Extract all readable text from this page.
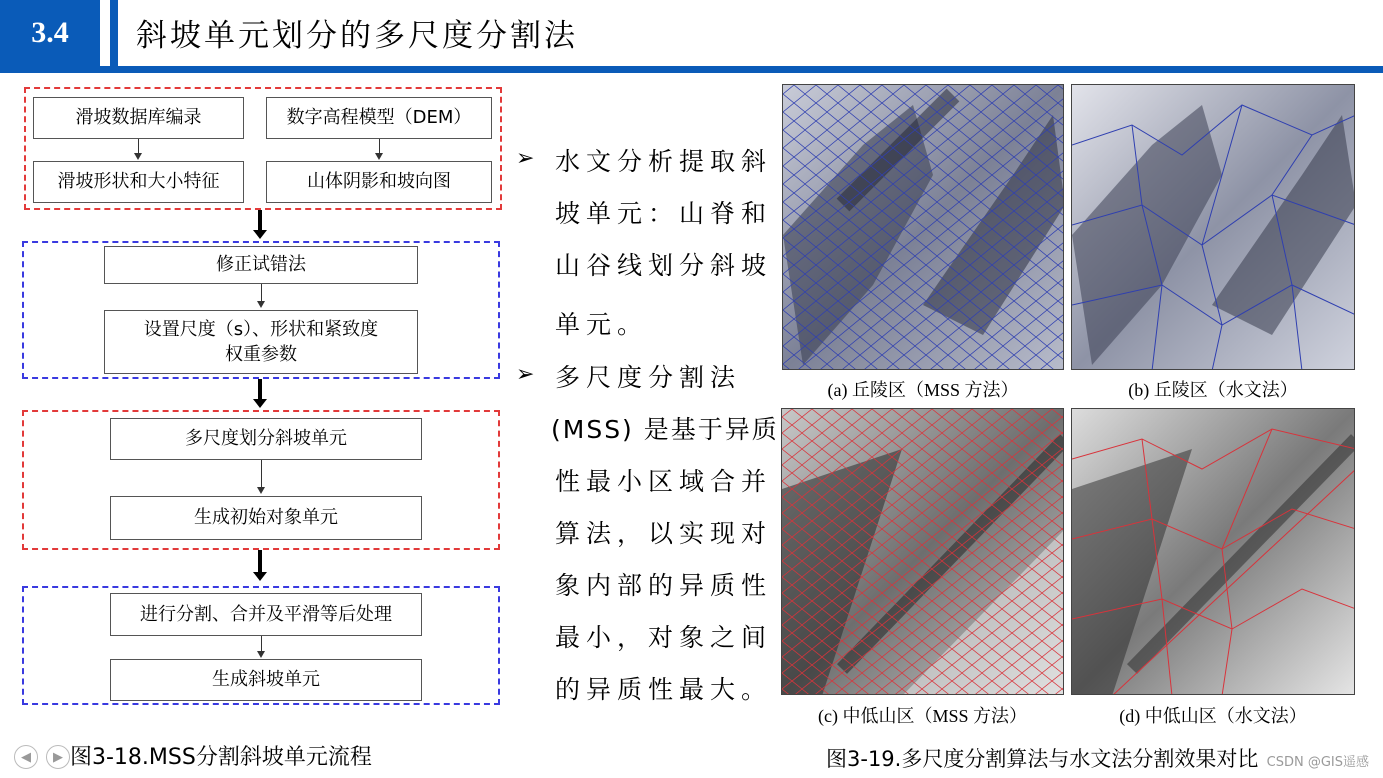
3.4	斜坡单元划分的多尺度分割法
滑坡数据库编录	数字高程模型（DEM）
滑坡形状和大小特征	山体阴影和坡向图
修正试错法
设置尺度（s）、形状和紧致度
权重参数
多尺度划分斜坡单元
生成初始对象单元
进行分割、合并及平滑等后处理
生成斜坡单元
图3-18.MSS分割斜坡单元流程
➢ 水文分析提取斜
坡单元：山脊和
山谷线划分斜坡
单元。
➢ 多尺度分割法
(MSS) 是基于异质
性最小区域合并
算法，以实现对
象内部的异质性
最小，对象之间
的异质性最大。
(a) 丘陵区（MSS 方法）	(b) 丘陵区（水文法）
(c) 中低山区（MSS 方法）	(d) 中低山区（水文法）
图3-19.多尺度分割算法与水文法分割效果对比
◀	▶	CSDN @GIS遥感
